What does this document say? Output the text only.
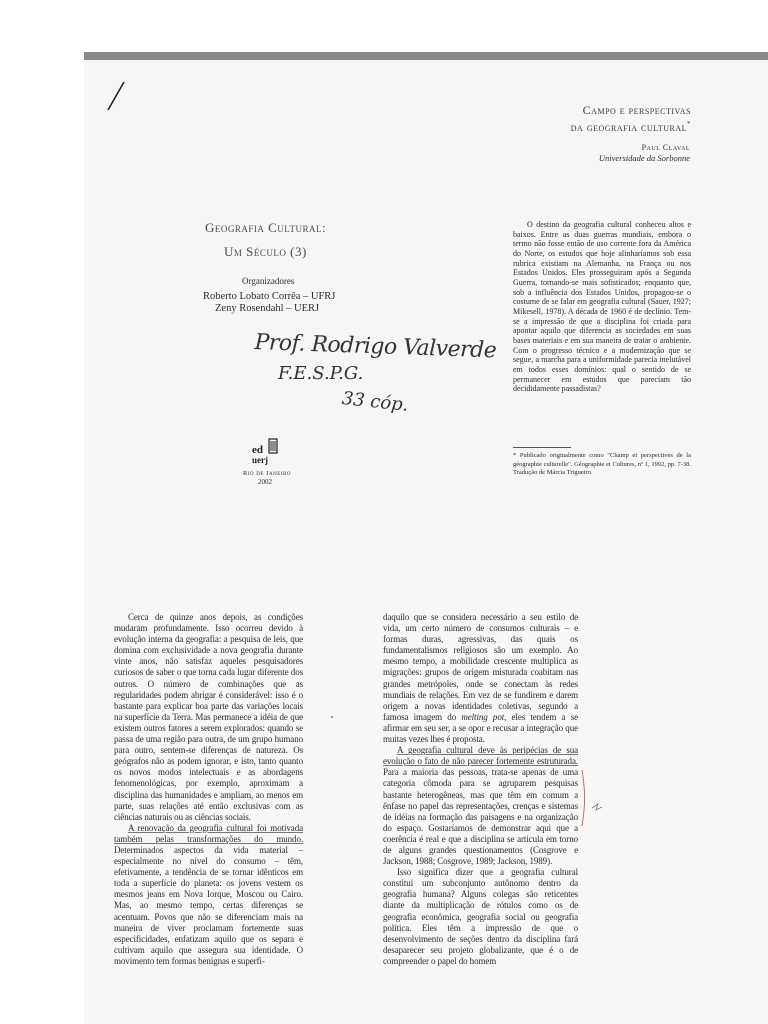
Campo e perspectivas
da geografia cultural*
Paul Claval
Universidade da Sorbonne
Geografia Cultural:
Um Século (3)
Organizadores
Roberto Lobato Corrêa – UFRJ
Zeny Rosendahl – UERJ
Prof. Rodrigo Valverde
F.E.S.P.G.
33 cóp.
ed
uerj
Rio de Janeiro
2002

O destino da geografia cultural conheceu altos e baixos. Entre as duas guerras mundiais, embora o termo não fosse então de uso corrente fora da América do Norte, os estudos que hoje alinharíamos sob essa rubrica existiam na Alemanha, na França ou nos Estados Unidos. Eles prosseguiram após a Segunda Guerra, tornando-se mais sofisticados; enquanto que, sob a influência dos Estados Unidos, propagou-se o costume de se falar em geografia cultural (Sauer, 1927; Mikesell, 1978). A década de 1960 é de declínio. Tem-se a impressão de que a disciplina foi criada para apontar aquilo que diferencia as sociedades em suas bases materiais e em sua maneira de tratar o ambiente. Com o progresso técnico e a modernização que se segue, a marcha para a uniformidade parecia inelutável em todos esses domínios: qual o sentido de se permanecer em estudos que pareciam tão decididamente passadistas?

* Publicado originalmente como "Champ et perspectives de la géographie culturelle". Géographie et Cultures, nº 1, 1992, pp. 7-38. Tradução de Márcia Trigueiro.

Cerca de quinze anos depois, as condições mudaram profundamente. Isso ocorreu devido à evolução interna da geografia: a pesquisa de leis, que domina com exclusividade a nova geografia durante vinte anos, não satisfaz aqueles pesquisadores curiosos de saber o que torna cada lugar diferente dos outros. O número de combinações que as regularidades podem abrigar é considerável: isso é o bastante para explicar boa parte das variações locais na superfície da Terra. Mas permanece a idéia de que existem outros fatores a serem explorados: quando se passa de uma região para outra, de um grupo humano para outro, sentem-se diferenças de natureza. Os geógrafos não as podem ignorar, e isto, tanto quanto os novos modos intelectuais e as abordagens fenomenológicas, por exemplo, aproximam a disciplina das humanidades e ampliam, ao menos em parte, suas relações até então exclusivas com as ciências naturais ou as ciências sociais.

A renovação da geografia cultural foi motivada também pelas transformações do mundo. Determinados aspectos da vida material – especialmente no nível do consumo – têm, efetivamente, a tendência de se tornar idênticos em toda a superfície do planeta: os jovens vestem os mesmos jeans em Nova Iorque, Moscou ou Cairo. Mas, ao mesmo tempo, certas diferenças se acentuam. Povos que não se diferenciam mais na maneira de viver proclamam fortemente suas especificidades, enfatizam aquilo que os separa e cultivam aquilo que assegura sua identidade. O movimento tem formas benignas e superfi-

daquilo que se considera necessário a seu estilo de vida, um certo número de consumos culturais – e formas duras, agressivas, das quais os fundamentalismos religiosos são um exemplo. Ao mesmo tempo, a mobilidade crescente multiplica as migrações: grupos de origem misturada coabitam nas grandes metrópoles, onde se conectam às redes mundiais de relações. Em vez de se fundirem e darem origem a novas identidades coletivas, segundo a famosa imagem do melting pot, eles tendem a se afirmar em seu ser, a se opor e recusar a integração que muitas vezes lhes é proposta.

A geografia cultural deve às peripécias de sua evolução o fato de não parecer fortemente estruturada. Para a maioria das pessoas, trata-se apenas de uma categoria cômoda para se agruparem pesquisas bastante heterogêneas, mas que têm em comum a ênfase no papel das representações, crenças e sistemas de idéias na formação das paisagens e na organização do espaço. Gostaríamos de demonstrar aqui que a coerência é real e que a disciplina se articula em torno de alguns grandes questionamentos (Cosgrove e Jackson, 1988; Cosgrove, 1989; Jackson, 1989).

Isso significa dizer que a geografia cultural constitui um subconjunto autônomo dentro da geografia humana? Alguns colegas são reticentes diante da multiplicação de rótulos como os de geografia econômica, geografia social ou geografia política. Eles têm a impressão de que o desenvolvimento de seções dentro da disciplina fará desaparecer seu projeto globalizante, que é o de compreender o papel do homem
